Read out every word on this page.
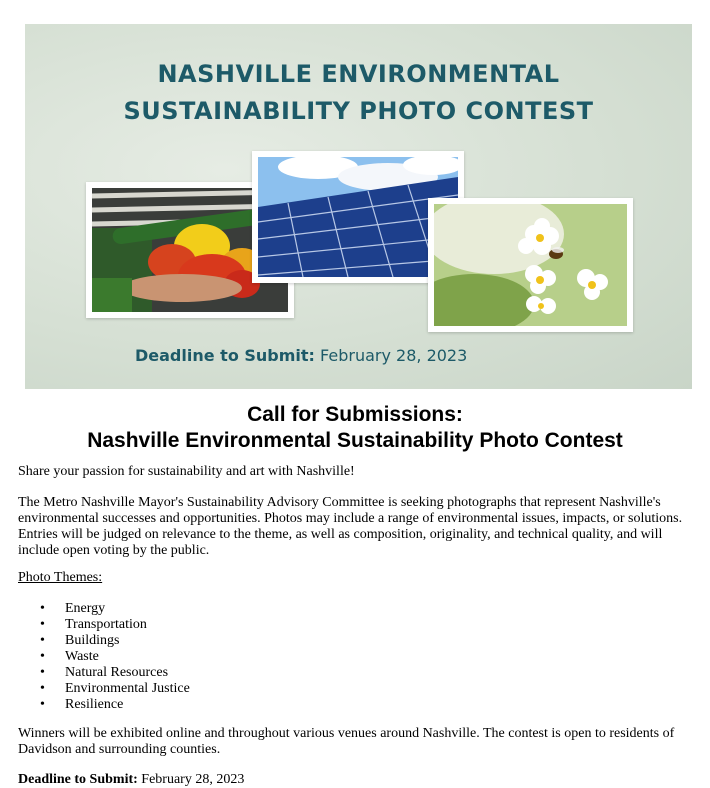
NASHVILLE ENVIRONMENTAL
SUSTAINABILITY PHOTO CONTEST
Deadline to Submit: February 28, 2023
Call for Submissions:
Nashville Environmental Sustainability Photo Contest
Share your passion for sustainability and art with Nashville!
The Metro Nashville Mayor's Sustainability Advisory Committee is seeking photographs that represent Nashville's environmental successes and opportunities. Photos may include a range of environmental issues, impacts, or solutions. Entries will be judged on relevance to the theme, as well as composition, originality, and technical quality, and will include open voting by the public.
Photo Themes:
• Energy
• Transportation
• Buildings
• Waste
• Natural Resources
• Environmental Justice
• Resilience
Winners will be exhibited online and throughout various venues around Nashville. The contest is open to residents of Davidson and surrounding counties.
Deadline to Submit: February 28, 2023
